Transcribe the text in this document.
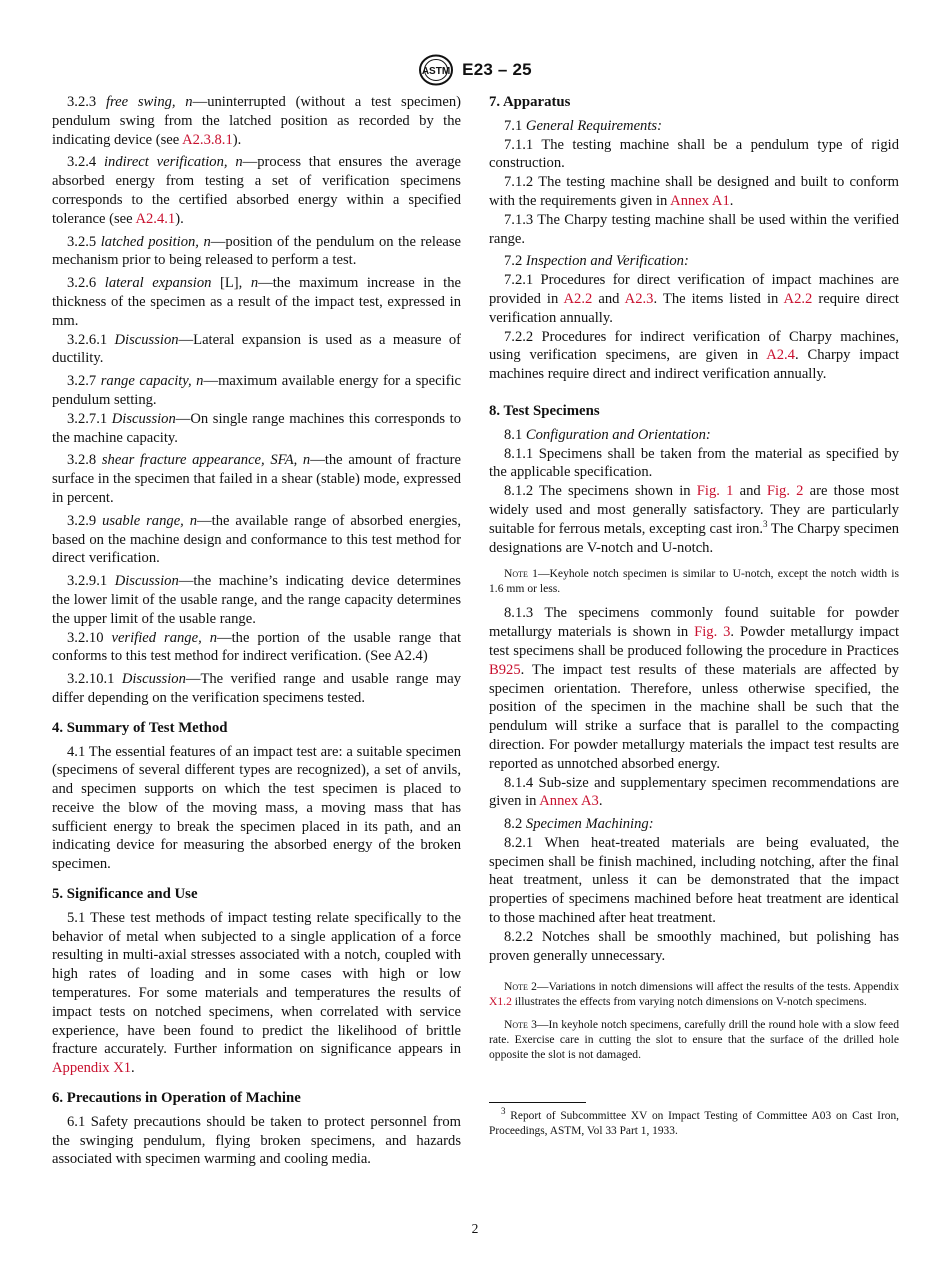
ASTM E23 – 25

3.2.3 free swing, n—uninterrupted (without a test specimen) pendulum swing from the latched position as recorded by the indicating device (see A2.3.8.1).

3.2.4 indirect verification, n—process that ensures the average absorbed energy from testing a set of verification specimens corresponds to the certified absorbed energy within a specified tolerance (see A2.4.1).

3.2.5 latched position, n—position of the pendulum on the release mechanism prior to being released to perform a test.

3.2.6 lateral expansion [L], n—the maximum increase in the thickness of the specimen as a result of the impact test, expressed in mm.

3.2.6.1 Discussion—Lateral expansion is used as a measure of ductility.

3.2.7 range capacity, n—maximum available energy for a specific pendulum setting.

3.2.7.1 Discussion—On single range machines this corresponds to the machine capacity.

3.2.8 shear fracture appearance, SFA, n—the amount of fracture surface in the specimen that failed in a shear (stable) mode, expressed in percent.

3.2.9 usable range, n—the available range of absorbed energies, based on the machine design and conformance to this test method for direct verification.

3.2.9.1 Discussion—the machine’s indicating device determines the lower limit of the usable range, and the range capacity determines the upper limit of the usable range.

3.2.10 verified range, n—the portion of the usable range that conforms to this test method for indirect verification. (See A2.4)

3.2.10.1 Discussion—The verified range and usable range may differ depending on the verification specimens tested.

4. Summary of Test Method

4.1 The essential features of an impact test are: a suitable specimen (specimens of several different types are recognized), a set of anvils, and specimen supports on which the test specimen is placed to receive the blow of the moving mass, a moving mass that has sufficient energy to break the specimen placed in its path, and an indicating device for measuring the absorbed energy of the broken specimen.

5. Significance and Use

5.1 These test methods of impact testing relate specifically to the behavior of metal when subjected to a single application of a force resulting in multi-axial stresses associated with a notch, coupled with high rates of loading and in some cases with high or low temperatures. For some materials and temperatures the results of impact tests on notched specimens, when correlated with service experience, have been found to predict the likelihood of brittle fracture accurately. Further information on significance appears in Appendix X1.

6. Precautions in Operation of Machine

6.1 Safety precautions should be taken to protect personnel from the swinging pendulum, flying broken specimens, and hazards associated with specimen warming and cooling media.

7. Apparatus

7.1 General Requirements:

7.1.1 The testing machine shall be a pendulum type of rigid construction.

7.1.2 The testing machine shall be designed and built to conform with the requirements given in Annex A1.

7.1.3 The Charpy testing machine shall be used within the verified range.

7.2 Inspection and Verification:

7.2.1 Procedures for direct verification of impact machines are provided in A2.2 and A2.3. The items listed in A2.2 require direct verification annually.

7.2.2 Procedures for indirect verification of Charpy machines, using verification specimens, are given in A2.4. Charpy impact machines require direct and indirect verification annually.

8. Test Specimens

8.1 Configuration and Orientation:

8.1.1 Specimens shall be taken from the material as specified by the applicable specification.

8.1.2 The specimens shown in Fig. 1 and Fig. 2 are those most widely used and most generally satisfactory. They are particularly suitable for ferrous metals, excepting cast iron.$^3$ The Charpy specimen designations are V-notch and U-notch.

Note 1—Keyhole notch specimen is similar to U-notch, except the notch width is 1.6 mm or less.

8.1.3 The specimens commonly found suitable for powder metallurgy materials is shown in Fig. 3. Powder metallurgy impact test specimens shall be produced following the procedure in Practices B925. The impact test results of these materials are affected by specimen orientation. Therefore, unless otherwise specified, the position of the specimen in the machine shall be such that the pendulum will strike a surface that is parallel to the compacting direction. For powder metallurgy materials the impact test results are reported as unnotched absorbed energy.

8.1.4 Sub-size and supplementary specimen recommendations are given in Annex A3.

8.2 Specimen Machining:

8.2.1 When heat-treated materials are being evaluated, the specimen shall be finish machined, including notching, after the final heat treatment, unless it can be demonstrated that the impact properties of specimens machined before heat treatment are identical to those machined after heat treatment.

8.2.2 Notches shall be smoothly machined, but polishing has proven generally unnecessary.

Note 2—Variations in notch dimensions will affect the results of the tests. Appendix X1.2 illustrates the effects from varying notch dimensions on V-notch specimens.

Note 3—In keyhole notch specimens, carefully drill the round hole with a slow feed rate. Exercise care in cutting the slot to ensure that the surface of the drilled hole opposite the slot is not damaged.

$^3$ Report of Subcommittee XV on Impact Testing of Committee A03 on Cast Iron, Proceedings, ASTM, Vol 33 Part 1, 1933.

2
